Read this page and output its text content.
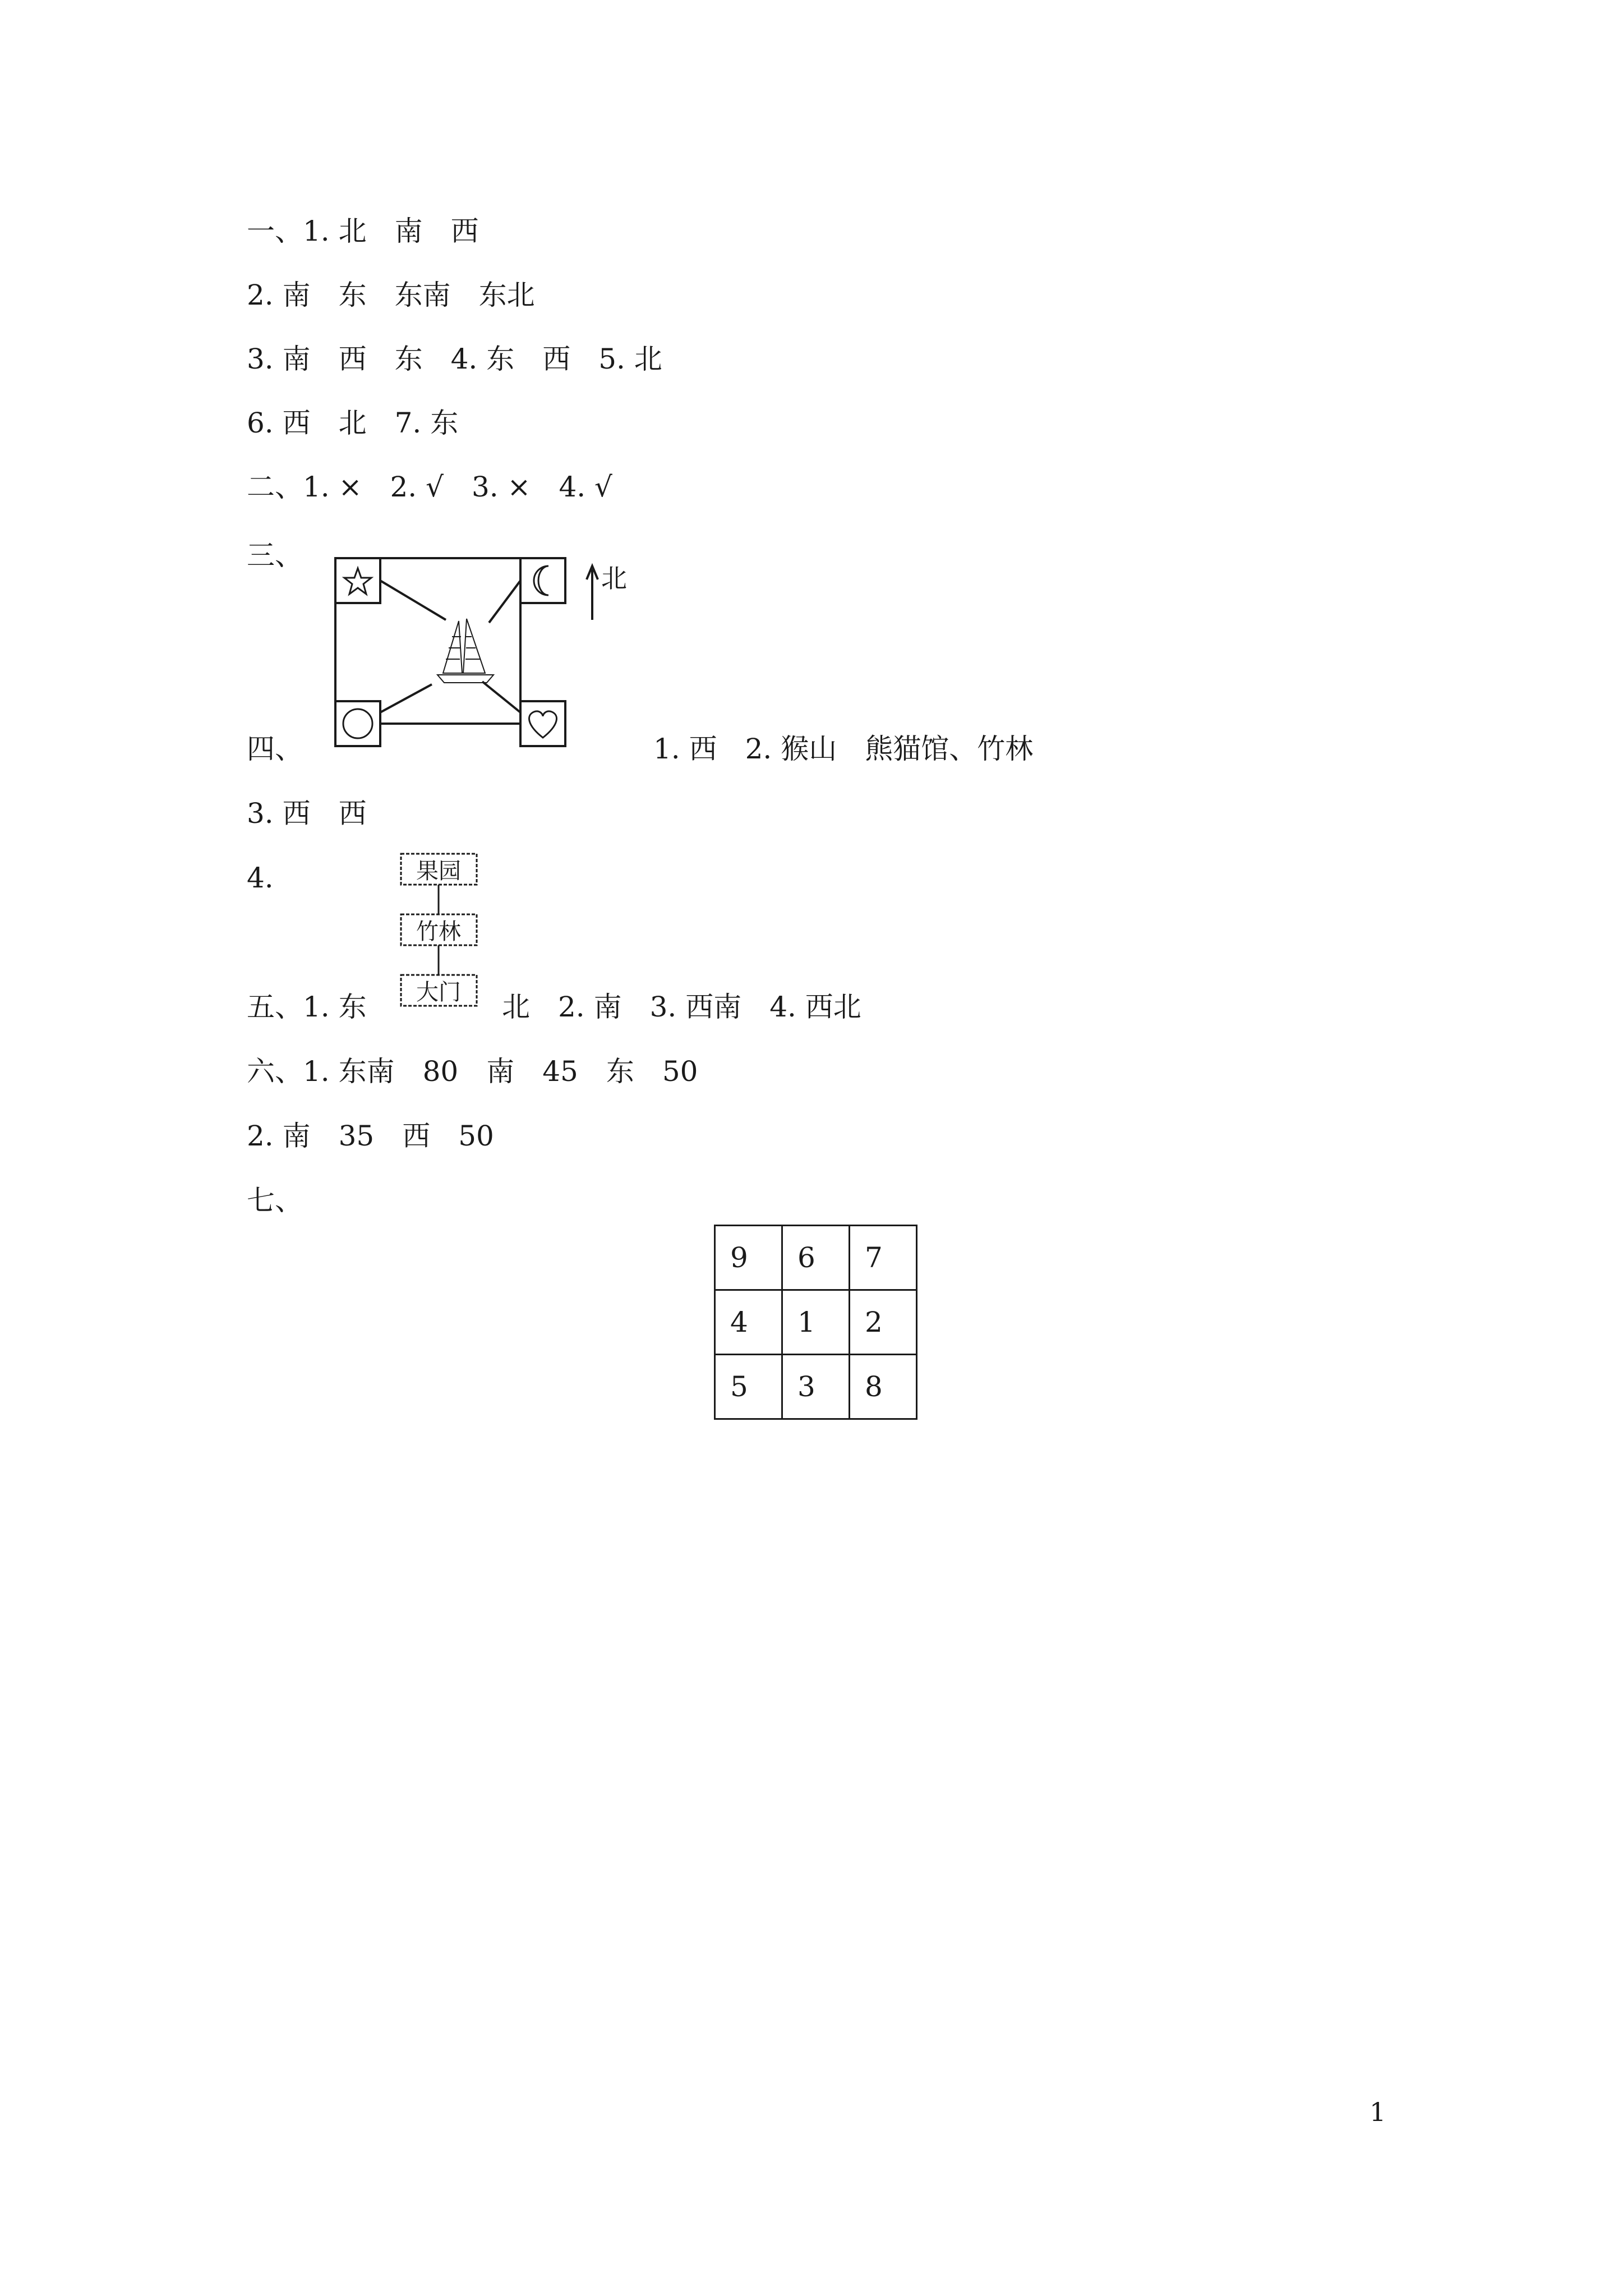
一、1. 北　南　西
2. 南　东　东南　东北
3. 南　西　东　4. 东　西　5. 北
6. 西　北　7. 东
二、1. ×　2. √　3. ×　4. √
三、
四、	1. 西　2. 猴山　熊猫馆、竹林
3. 西　西
4.
五、1. 东	北　2. 南　3. 西南　4. 西北
六、1. 东南　80　南　45　东　50
2. 南　35　西　50
七、
北
果园
竹林
大门
9	6	7
4	1	2
5	3	8
1
